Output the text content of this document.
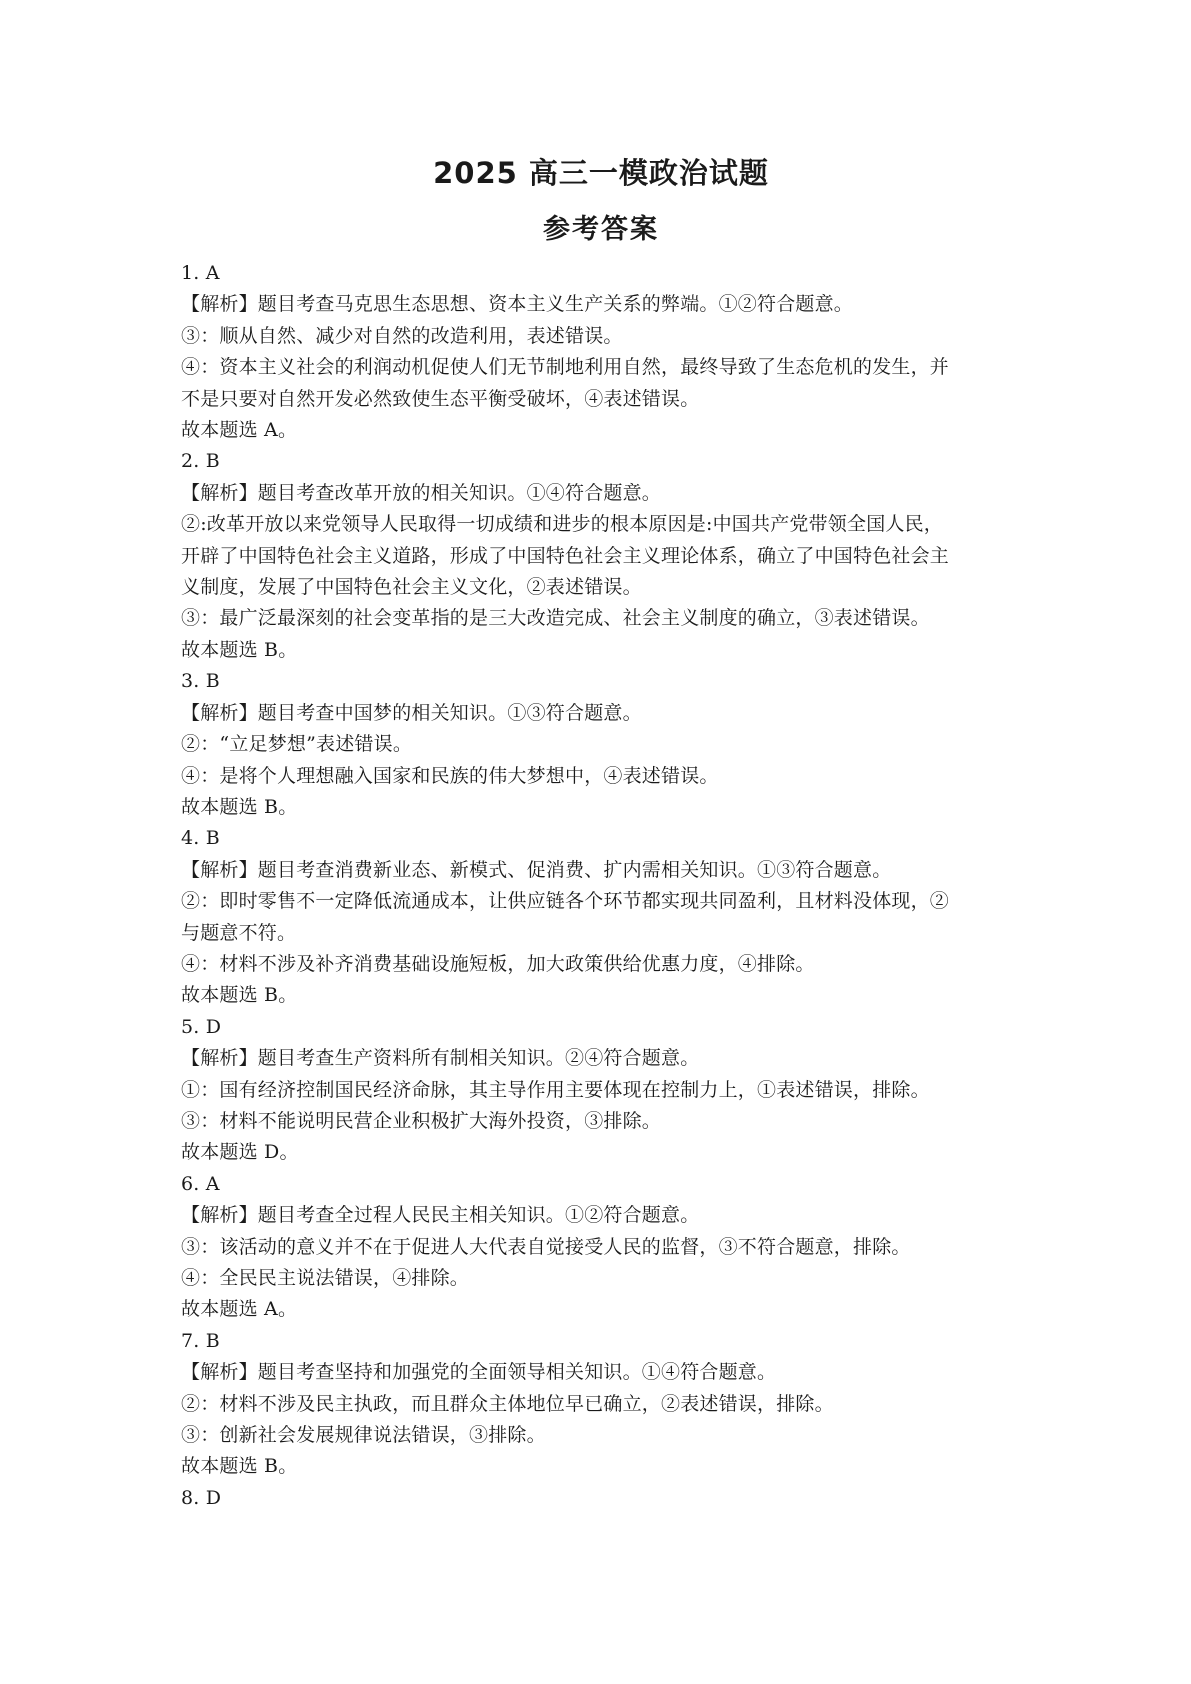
2025 高三一模政治试题
参考答案

1. A

【解析】题目考查马克思生态思想、资本主义生产关系的弊端。①②符合题意。

③：顺从自然、减少对自然的改造利用，表述错误。

④：资本主义社会的利润动机促使人们无节制地利用自然，最终导致了生态危机的发生，并

不是只要对自然开发必然致使生态平衡受破坏，④表述错误。

故本题选 A。

2. B

【解析】题目考查改革开放的相关知识。①④符合题意。

②:改革开放以来党领导人民取得一切成绩和进步的根本原因是:中国共产党带领全国人民，

开辟了中国特色社会主义道路，形成了中国特色社会主义理论体系，确立了中国特色社会主

义制度，发展了中国特色社会主义文化，②表述错误。

③：最广泛最深刻的社会变革指的是三大改造完成、社会主义制度的确立，③表述错误。

故本题选 B。

3. B

【解析】题目考查中国梦的相关知识。①③符合题意。

②：“立足梦想”表述错误。

④：是将个人理想融入国家和民族的伟大梦想中，④表述错误。

故本题选 B。

4. B

【解析】题目考查消费新业态、新模式、促消费、扩内需相关知识。①③符合题意。

②：即时零售不一定降低流通成本，让供应链各个环节都实现共同盈利，且材料没体现，②

与题意不符。

④：材料不涉及补齐消费基础设施短板，加大政策供给优惠力度，④排除。

故本题选 B。

5. D

【解析】题目考查生产资料所有制相关知识。②④符合题意。

①：国有经济控制国民经济命脉，其主导作用主要体现在控制力上，①表述错误，排除。

③：材料不能说明民营企业积极扩大海外投资，③排除。

故本题选 D。

6. A

【解析】题目考查全过程人民民主相关知识。①②符合题意。

③：该活动的意义并不在于促进人大代表自觉接受人民的监督，③不符合题意，排除。

④：全民民主说法错误，④排除。

故本题选 A。

7. B

【解析】题目考查坚持和加强党的全面领导相关知识。①④符合题意。

②：材料不涉及民主执政，而且群众主体地位早已确立，②表述错误，排除。

③：创新社会发展规律说法错误，③排除。

故本题选 B。

8. D
